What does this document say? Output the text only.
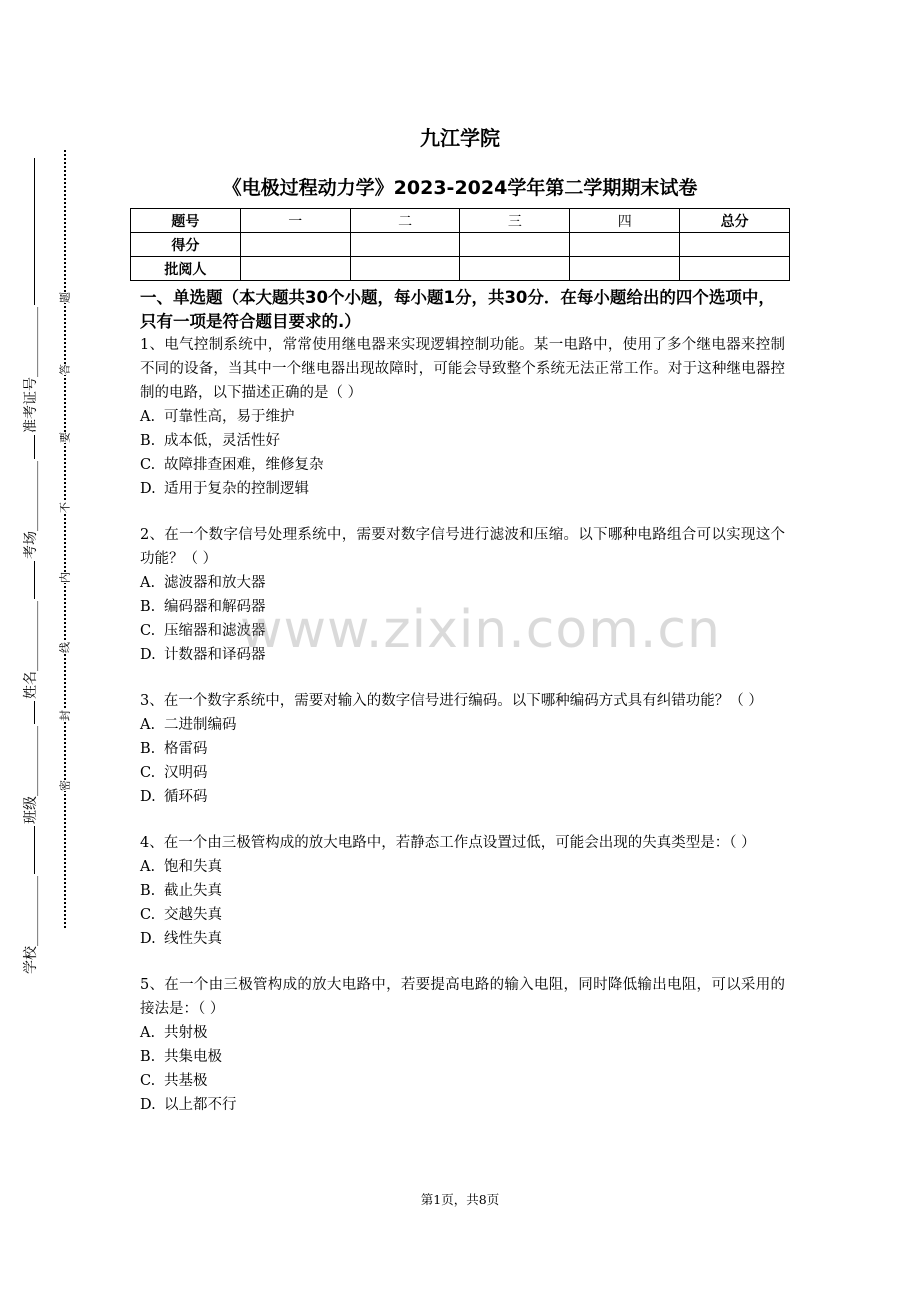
准考证号__________
考场__________
姓名__________
班级__________
学校__________
题
答
要
不
内
线
封
密
九江学院
《电极过程动力学》2023-2024学年第二学期期末试卷
题号	一	二	三	四	总分
得分					
批阅人					
一、单选题（本大题共30个小题，每小题1分，共30分．在每小题给出的四个选项中，只有一项是符合题目要求的.）
1、电气控制系统中，常常使用继电器来实现逻辑控制功能。某一电路中，使用了多个继电器来控制不同的设备，当其中一个继电器出现故障时，可能会导致整个系统无法正常工作。对于这种继电器控制的电路，以下描述正确的是（ ）
A. 可靠性高，易于维护
B. 成本低，灵活性好
C. 故障排查困难，维修复杂
D. 适用于复杂的控制逻辑
2、在一个数字信号处理系统中，需要对数字信号进行滤波和压缩。以下哪种电路组合可以实现这个功能？（ ）
A. 滤波器和放大器
B. 编码器和解码器
C. 压缩器和滤波器
D. 计数器和译码器
3、在一个数字系统中，需要对输入的数字信号进行编码。以下哪种编码方式具有纠错功能？（ ）
A. 二进制编码
B. 格雷码
C. 汉明码
D. 循环码
4、在一个由三极管构成的放大电路中，若静态工作点设置过低，可能会出现的失真类型是：（ ）
A. 饱和失真
B. 截止失真
C. 交越失真
D. 线性失真
5、在一个由三极管构成的放大电路中，若要提高电路的输入电阻，同时降低输出电阻，可以采用的接法是：（ ）
A. 共射极
B. 共集电极
C. 共基极
D. 以上都不行
www.zixin.com.cn
第1页，共8页
